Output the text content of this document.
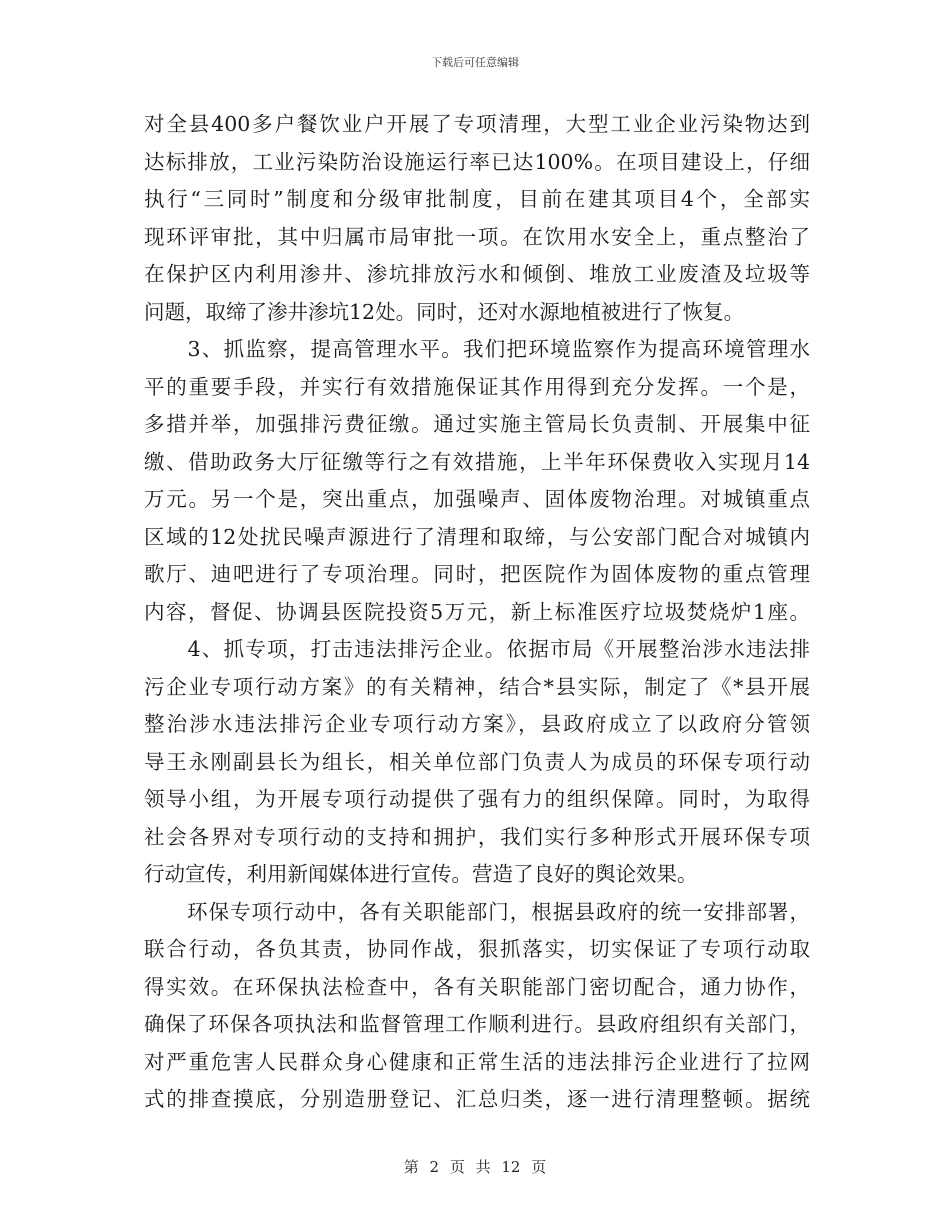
下载后可任意编辑
对全县400多户餐饮业户开展了专项清理，大型工业企业污染物达到
达标排放，工业污染防治设施运行率已达100%。在项目建设上，仔细
执行“三同时”制度和分级审批制度，目前在建其项目4个，全部实
现环评审批，其中归属市局审批一项。在饮用水安全上，重点整治了
在保护区内利用渗井、渗坑排放污水和倾倒、堆放工业废渣及垃圾等
问题，取缔了渗井渗坑12处。同时，还对水源地植被进行了恢复。
　　3、抓监察，提高管理水平。我们把环境监察作为提高环境管理水
平的重要手段，并实行有效措施保证其作用得到充分发挥。一个是，
多措并举，加强排污费征缴。通过实施主管局长负责制、开展集中征
缴、借助政务大厅征缴等行之有效措施，上半年环保费收入实现月14
万元。另一个是，突出重点，加强噪声、固体废物治理。对城镇重点
区域的12处扰民噪声源进行了清理和取缔，与公安部门配合对城镇内
歌厅、迪吧进行了专项治理。同时，把医院作为固体废物的重点管理
内容，督促、协调县医院投资5万元，新上标准医疗垃圾焚烧炉1座。
　　4、抓专项，打击违法排污企业。依据市局《开展整治涉水违法排
污企业专项行动方案》的有关精神，结合*县实际，制定了《*县开展
整治涉水违法排污企业专项行动方案》，县政府成立了以政府分管领
导王永刚副县长为组长，相关单位部门负责人为成员的环保专项行动
领导小组，为开展专项行动提供了强有力的组织保障。同时，为取得
社会各界对专项行动的支持和拥护，我们实行多种形式开展环保专项
行动宣传，利用新闻媒体进行宣传。营造了良好的舆论效果。
　　环保专项行动中，各有关职能部门，根据县政府的统一安排部署，
联合行动，各负其责，协同作战，狠抓落实，切实保证了专项行动取
得实效。在环保执法检查中，各有关职能部门密切配合，通力协作，
确保了环保各项执法和监督管理工作顺利进行。县政府组织有关部门，
对严重危害人民群众身心健康和正常生活的违法排污企业进行了拉网
式的排查摸底，分别造册登记、汇总归类，逐一进行清理整顿。据统
第 2 页 共 12 页
